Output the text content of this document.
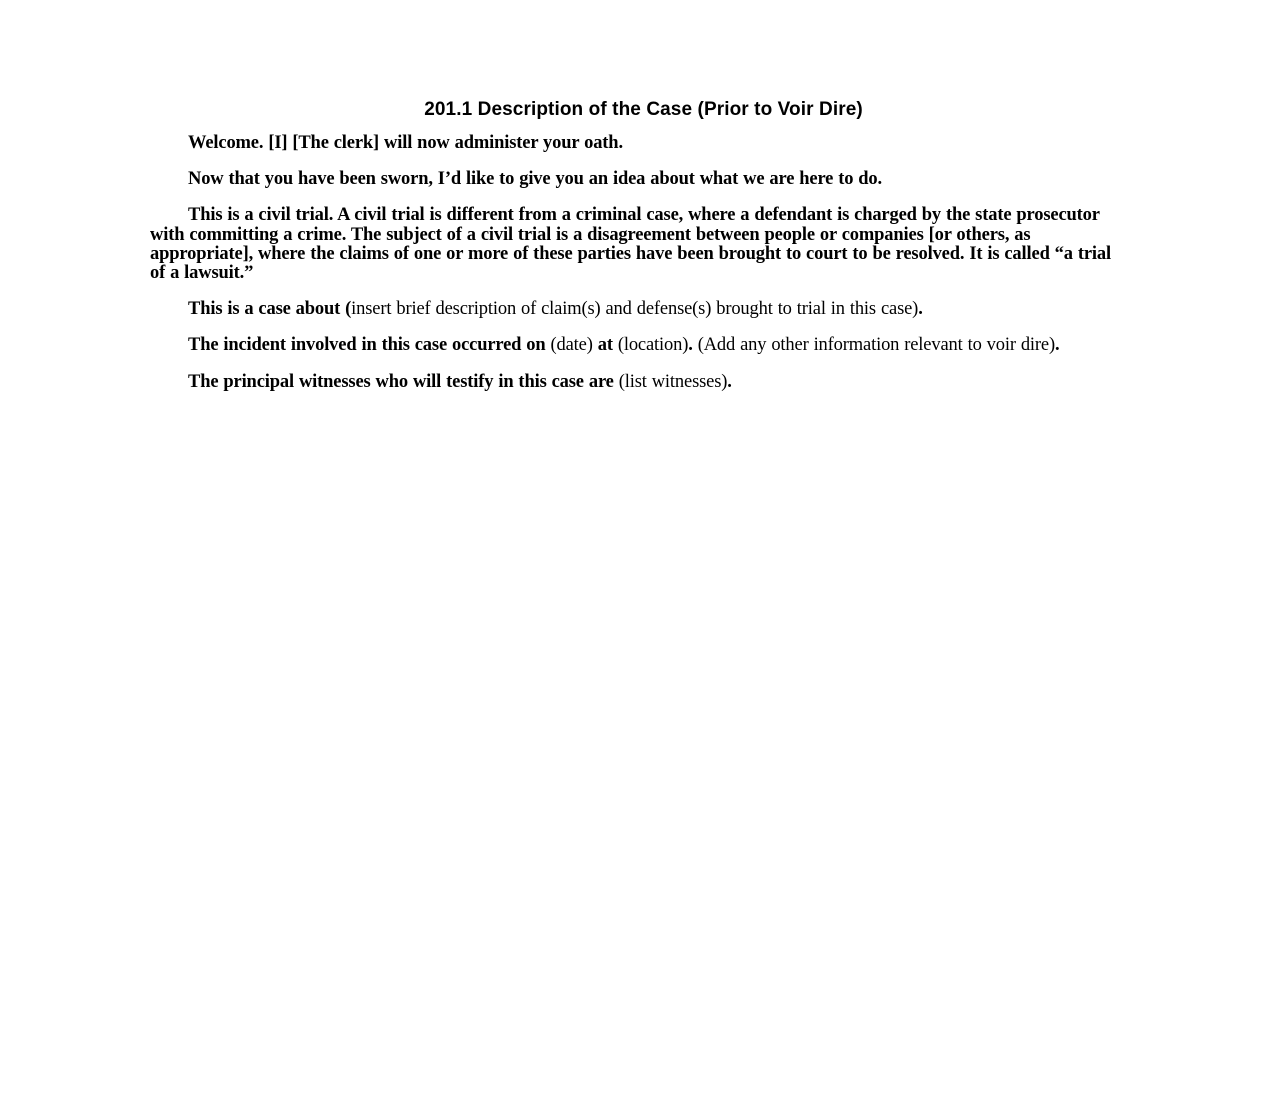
201.1 Description of the Case (Prior to Voir Dire)

Welcome. [I] [The clerk] will now administer your oath.

Now that you have been sworn, I’d like to give you an idea about what we are here to do.

This is a civil trial. A civil trial is different from a criminal case, where a defendant is charged by the state prosecutor with committing a crime. The subject of a civil trial is a disagreement between people or companies [or others, as appropriate], where the claims of one or more of these parties have been brought to court to be resolved. It is called “a trial of a lawsuit.”

This is a case about (insert brief description of claim(s) and defense(s) brought to trial in this case).

The incident involved in this case occurred on (date) at (location). (Add any other information relevant to voir dire).

The principal witnesses who will testify in this case are (list witnesses).
